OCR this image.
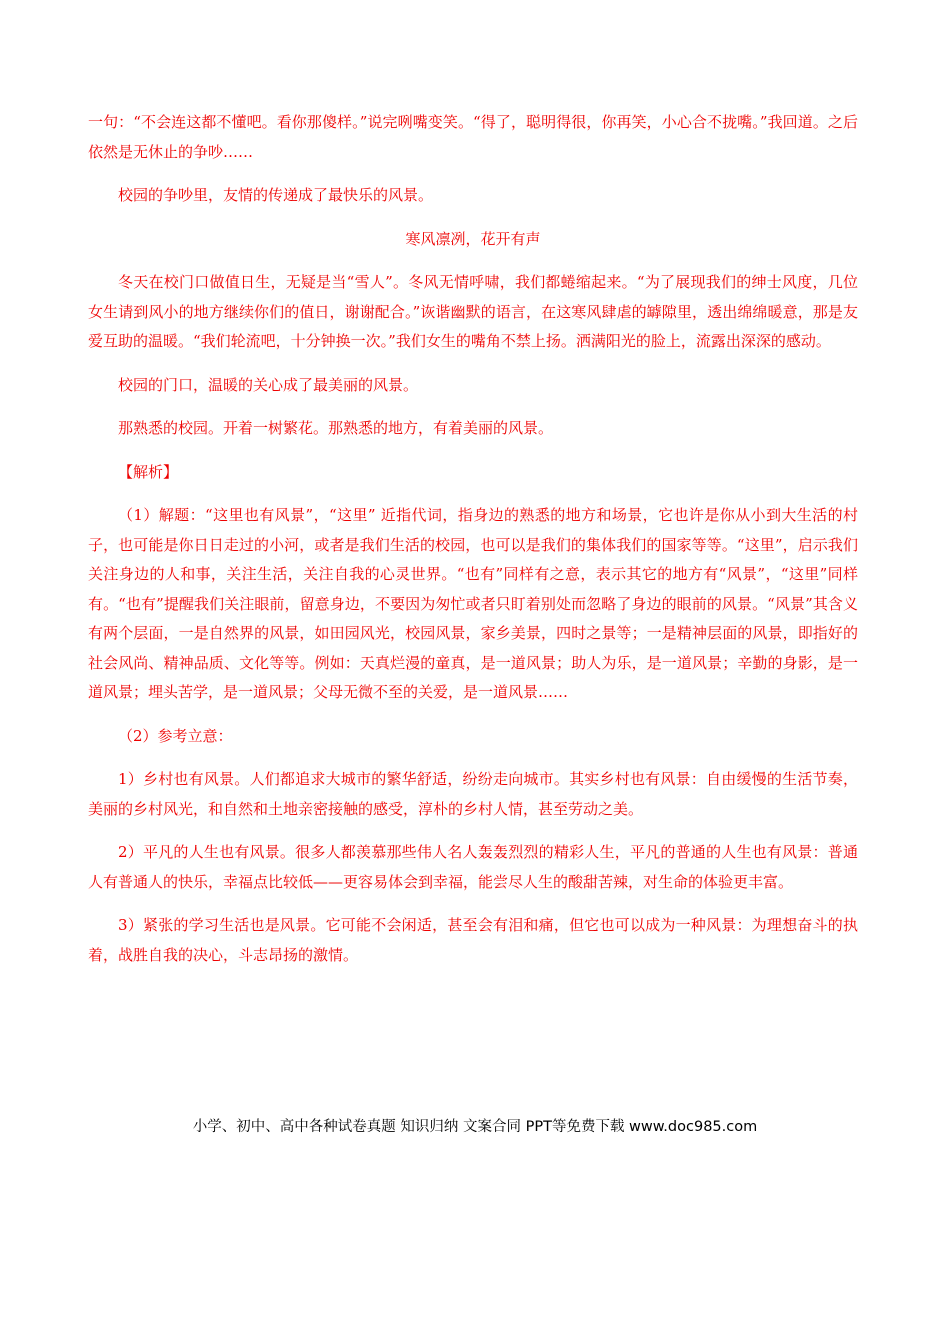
一句：“不会连这都不懂吧。看你那傻样。”说完咧嘴变笑。“得了，聪明得很，你再笑，小心合不拢嘴。”我回道。之后依然是无休止的争吵……

校园的争吵里，友情的传递成了最快乐的风景。

寒风凛冽，花开有声

冬天在校门口做值日生，无疑是当“雪人”。冬风无情呼啸，我们都蜷缩起来。“为了展现我们的绅士风度，几位女生请到风小的地方继续你们的值日，谢谢配合。”诙谐幽默的语言，在这寒风肆虐的罅隙里，透出绵绵暖意，那是友爱互助的温暖。“我们轮流吧，十分钟换一次。”我们女生的嘴角不禁上扬。洒满阳光的脸上，流露出深深的感动。

校园的门口，温暖的关心成了最美丽的风景。

那熟悉的校园。开着一树繁花。那熟悉的地方，有着美丽的风景。

【解析】

（1）解题：“这里也有风景”，“这里” 近指代词，指身边的熟悉的地方和场景，它也许是你从小到大生活的村子，也可能是你日日走过的小河，或者是我们生活的校园，也可以是我们的集体我们的国家等等。“这里”，启示我们关注身边的人和事，关注生活，关注自我的心灵世界。“也有”同样有之意，表示其它的地方有“风景”，“这里”同样有。“也有”提醒我们关注眼前，留意身边，不要因为匆忙或者只盯着别处而忽略了身边的眼前的风景。“风景”其含义有两个层面，一是自然界的风景，如田园风光，校园风景，家乡美景，四时之景等；一是精神层面的风景，即指好的社会风尚、精神品质、文化等等。例如：天真烂漫的童真，是一道风景；助人为乐，是一道风景；辛勤的身影，是一道风景；埋头苦学，是一道风景；父母无微不至的关爱，是一道风景……

（2）参考立意：

1）乡村也有风景。人们都追求大城市的繁华舒适，纷纷走向城市。其实乡村也有风景：自由缓慢的生活节奏，美丽的乡村风光，和自然和土地亲密接触的感受，淳朴的乡村人情，甚至劳动之美。

2）平凡的人生也有风景。很多人都羡慕那些伟人名人轰轰烈烈的精彩人生，平凡的普通的人生也有风景：普通人有普通人的快乐，幸福点比较低——更容易体会到幸福，能尝尽人生的酸甜苦辣，对生命的体验更丰富。

3）紧张的学习生活也是风景。它可能不会闲适，甚至会有泪和痛，但它也可以成为一种风景：为理想奋斗的执着，战胜自我的决心，斗志昂扬的激情。

小学、初中、高中各种试卷真题 知识归纳 文案合同 PPT等免费下载 www.doc985.com
